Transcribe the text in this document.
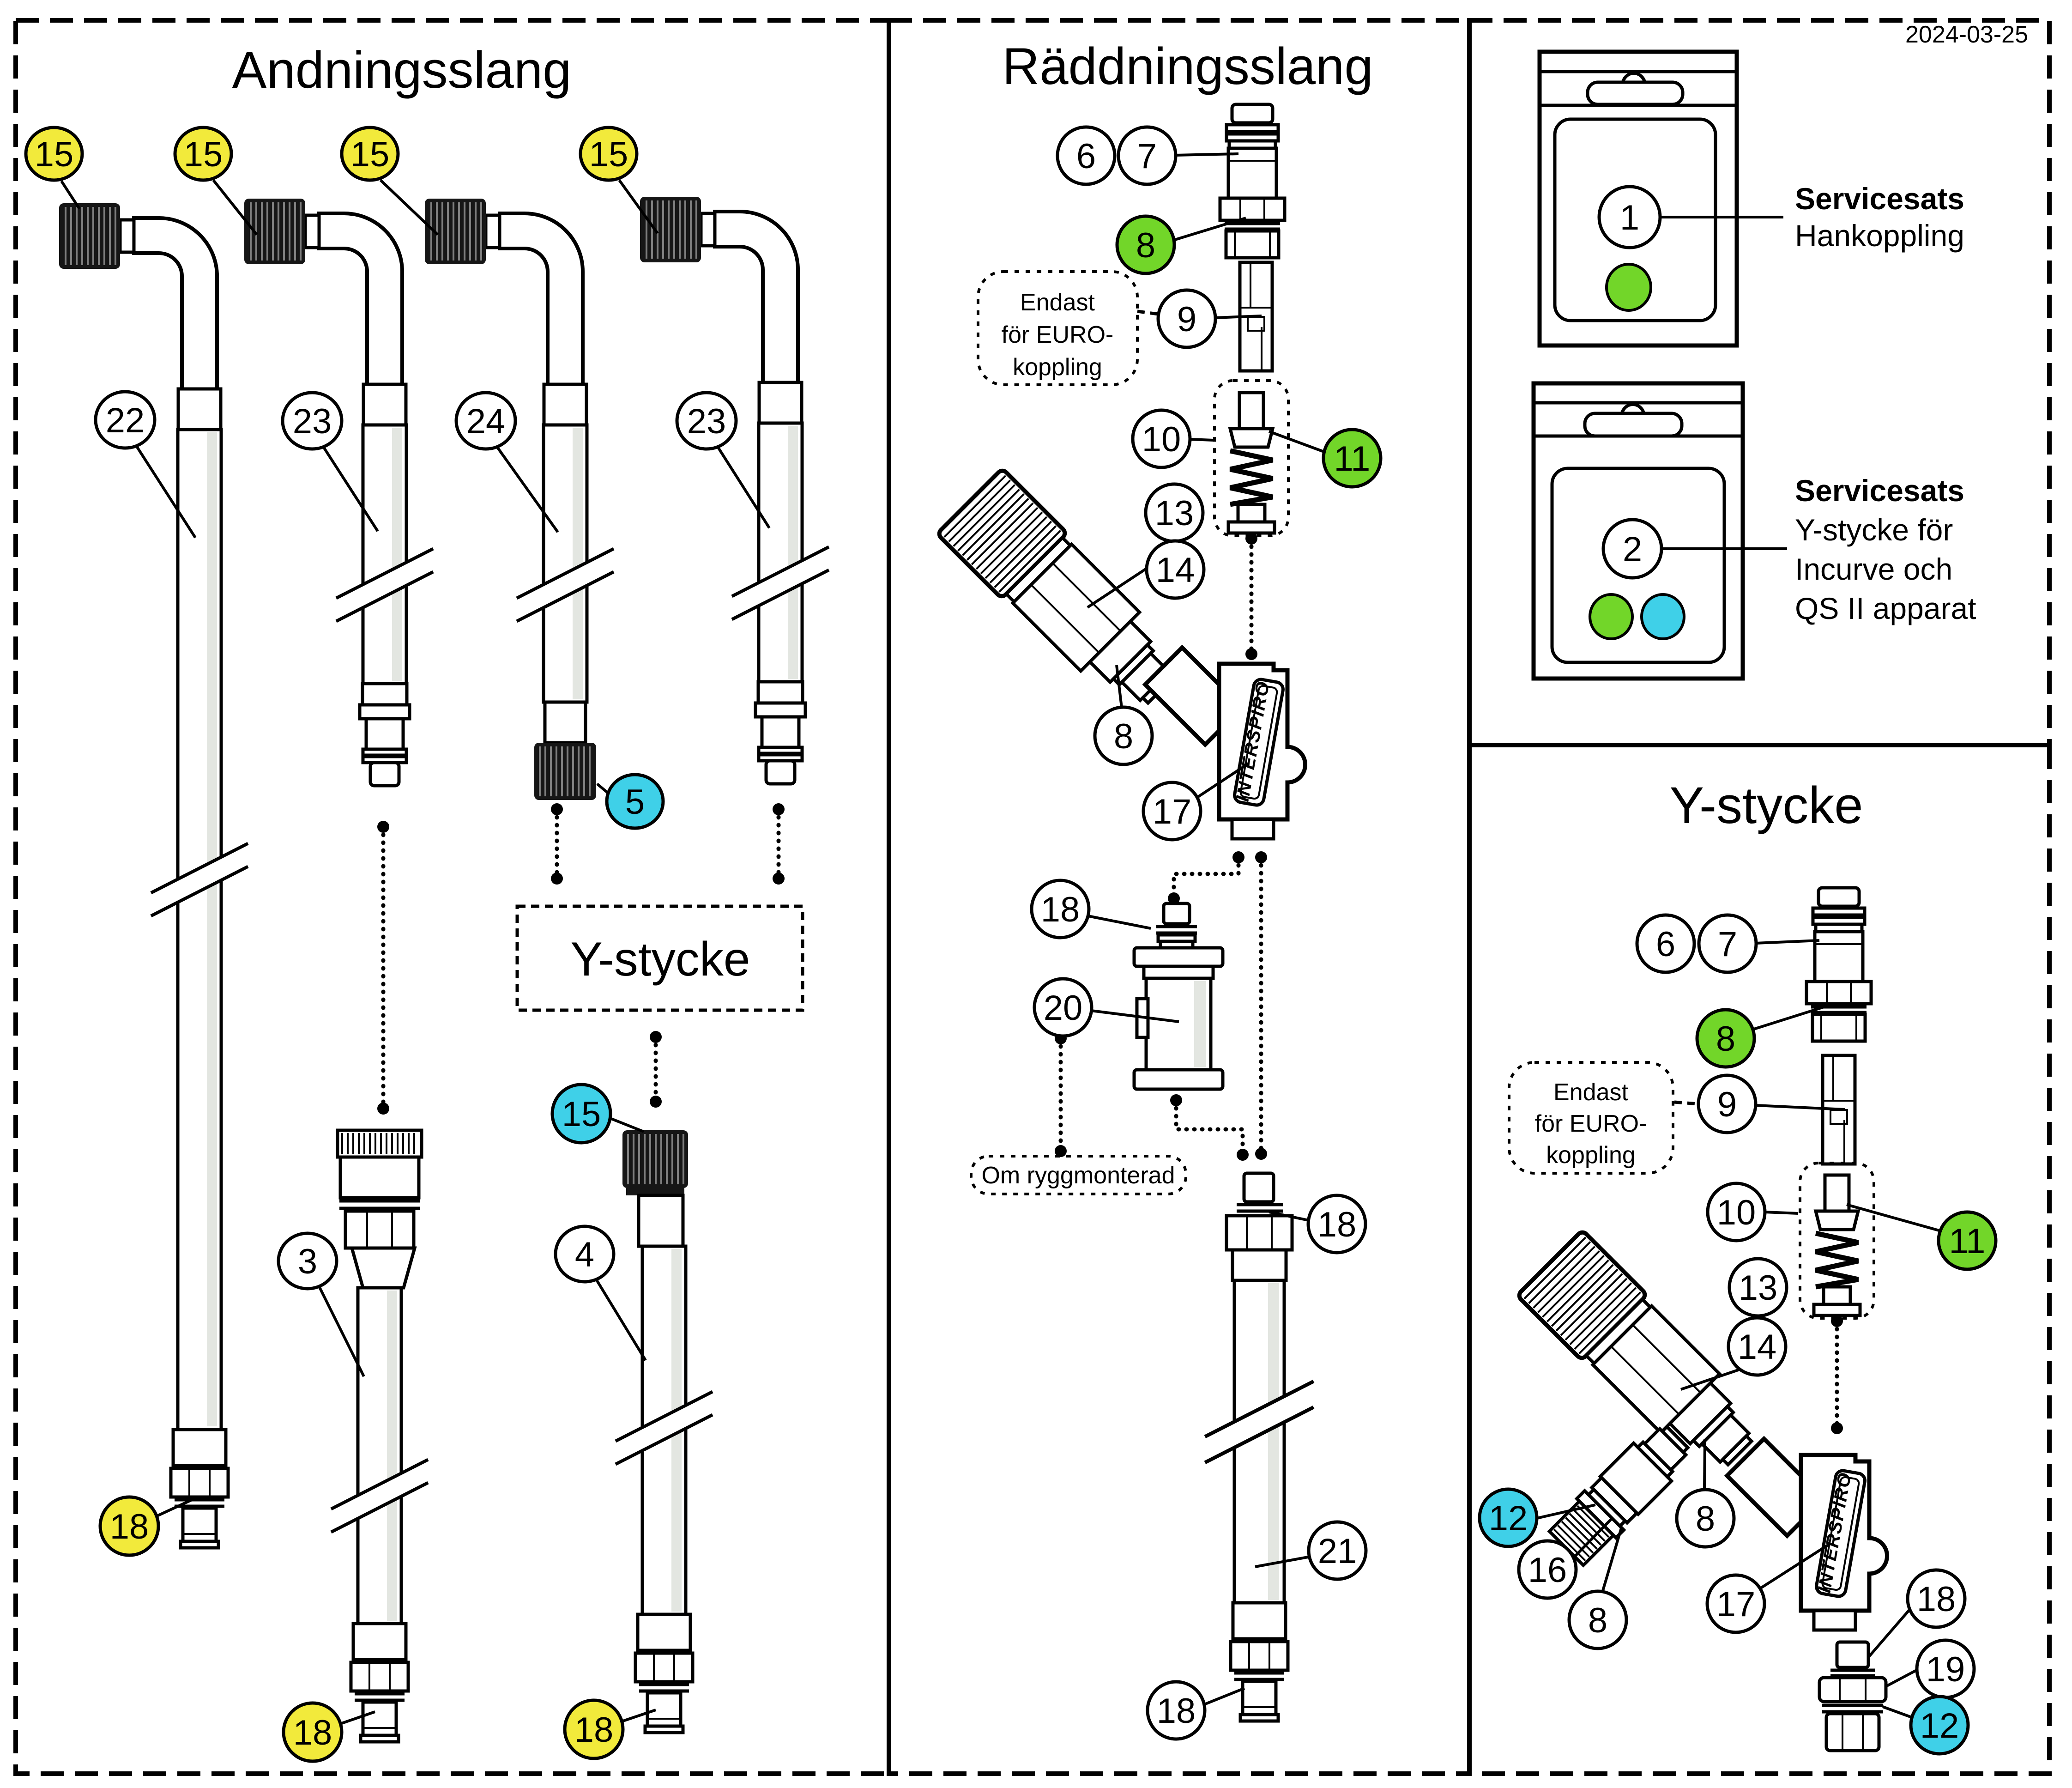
2024-03-25
Andningsslang
Y-stycke
Räddningsslang
Endast
för EURO-
koppling
INTERSPIRO
Om ryggmonterad
1	Servicesats
Hankoppling
2
Servicesats
Y-stycke för
Incurve och
QS II apparat
Y-stycke
Endast
för EURO-
koppling
INTERSPIRO
15	15	15	15
22	23	24	23
5
15
3	4
18
18	18
6 7
8
9
10	11
13
14
8
17
18
20
18
21
18
6 7
8
9
10
11
13
14
12
16
8
8
17	18
19
12
